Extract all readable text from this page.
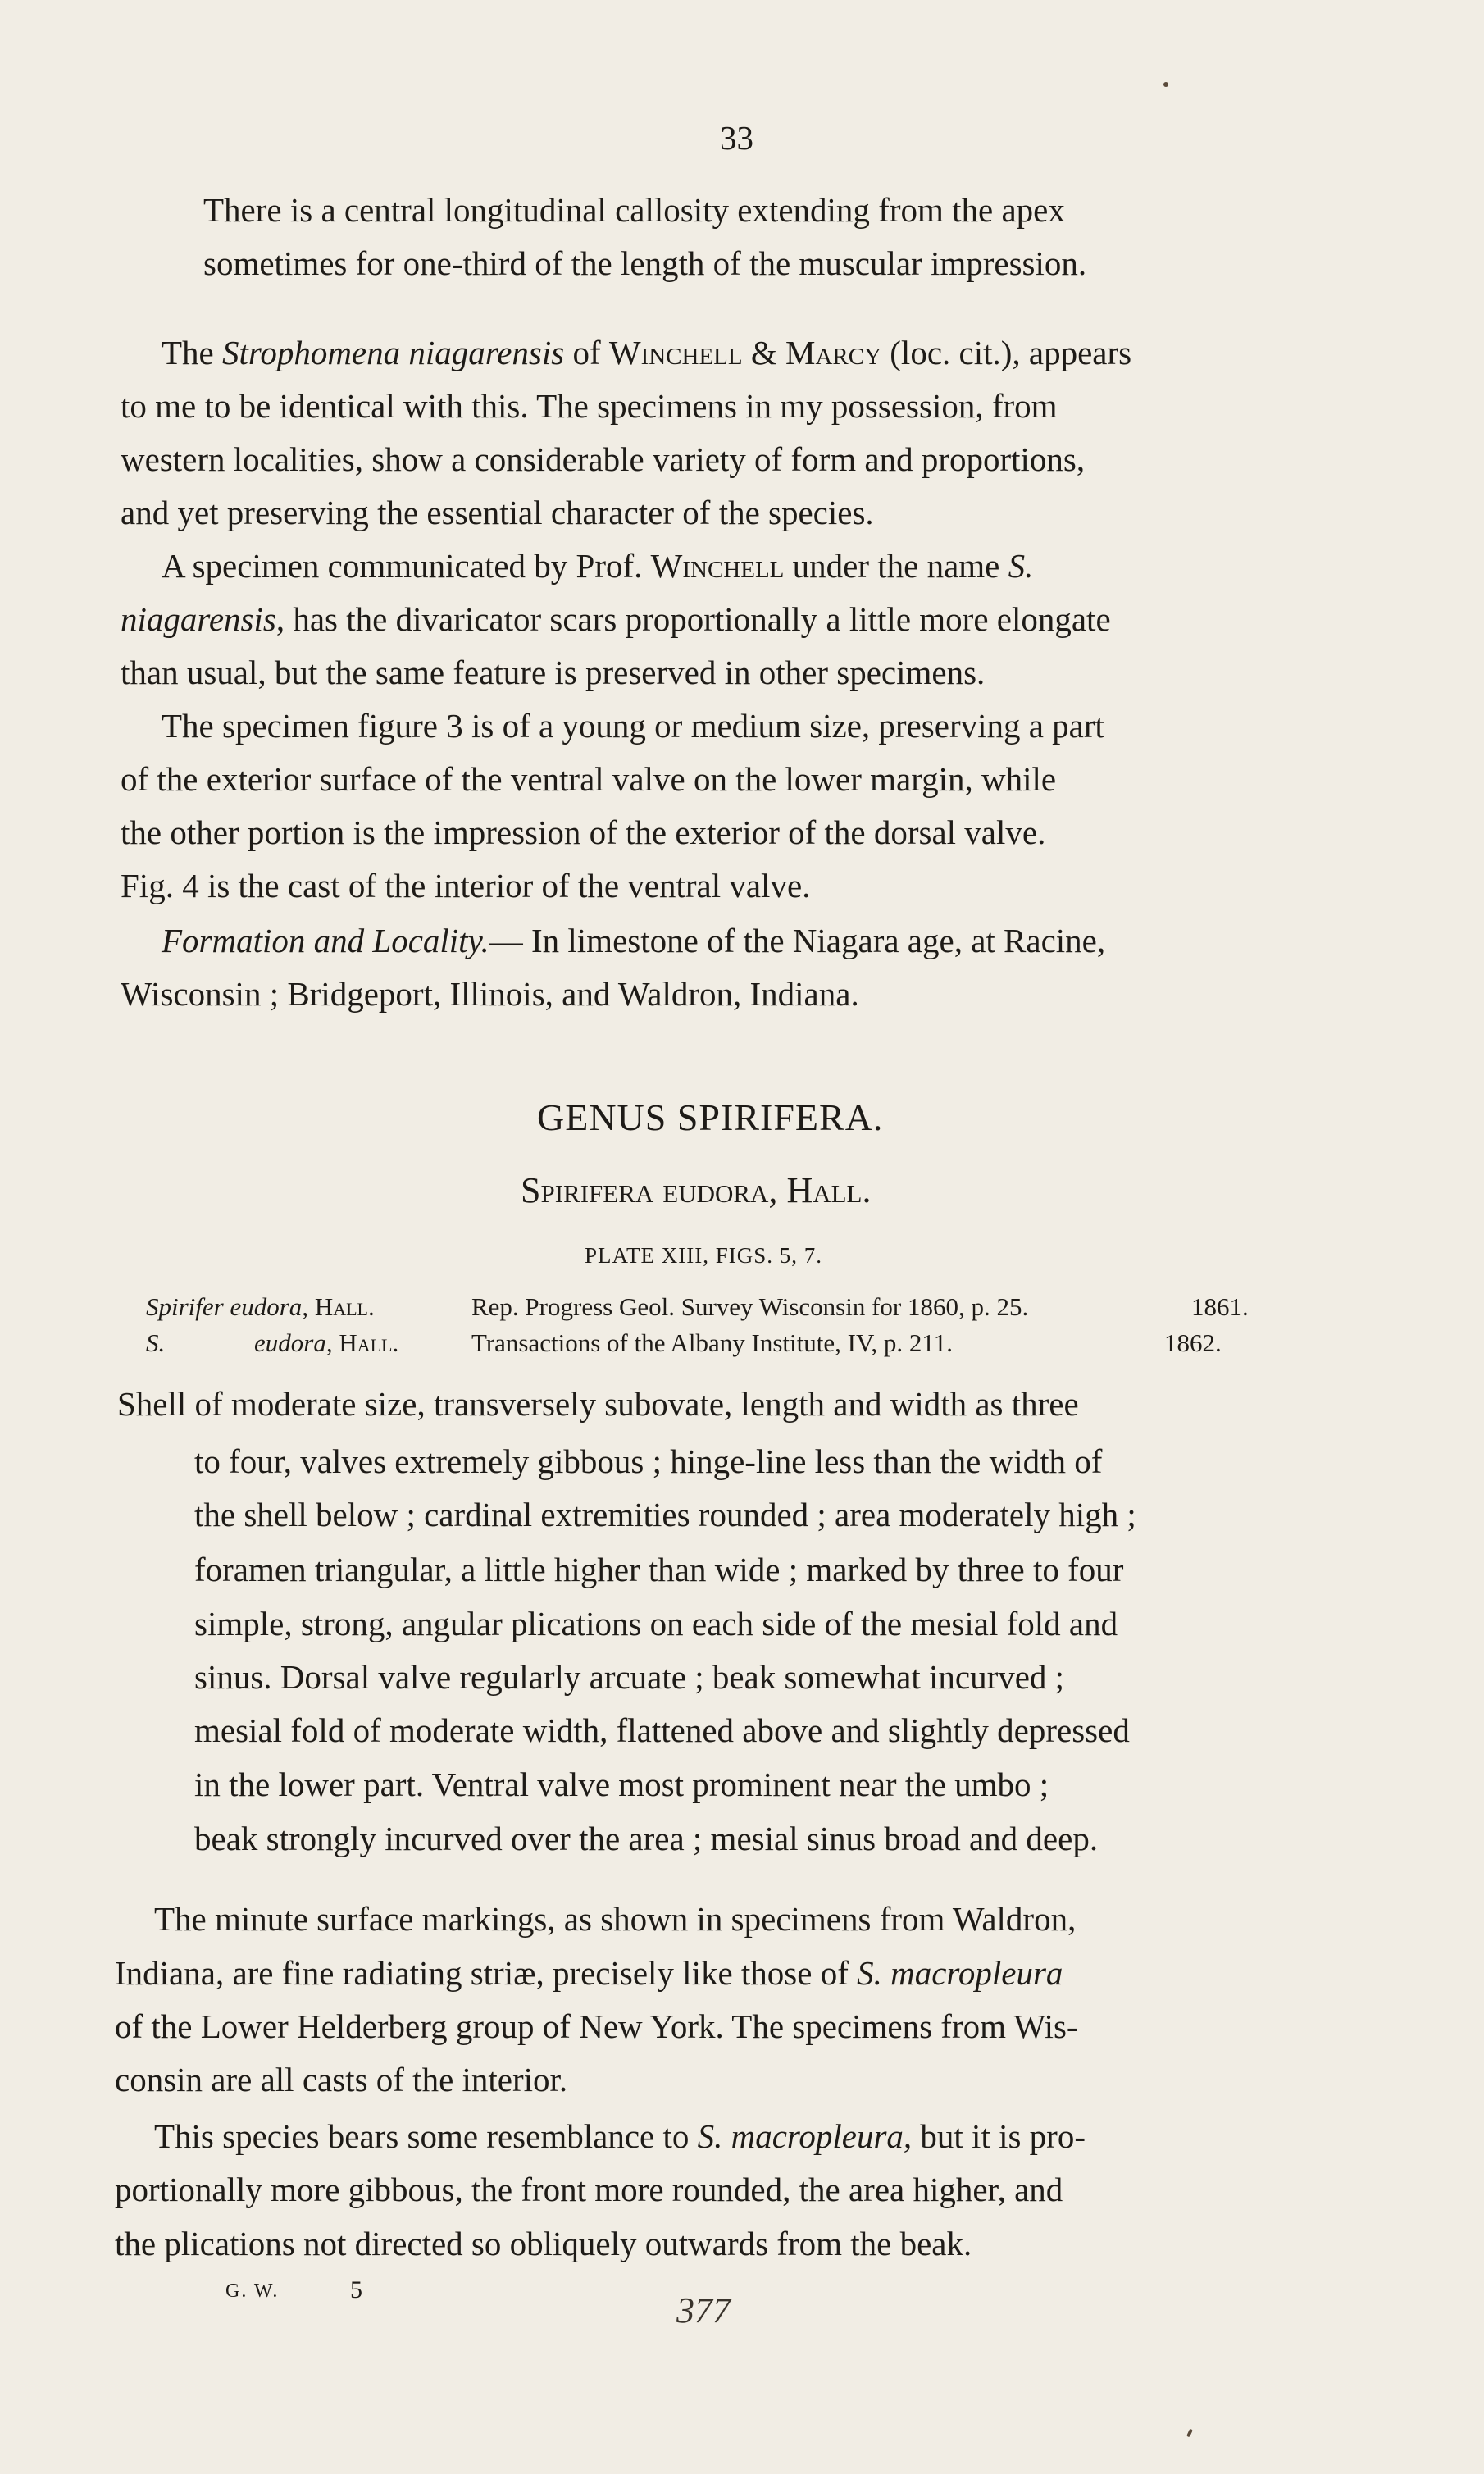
33
There is a central longitudinal callosity extending from the apex
sometimes for one-third of the length of the muscular impression.
The Strophomena niagarensis of Winchell & Marcy (loc. cit.), appears
to me to be identical with this. The specimens in my possession, from
western localities, show a considerable variety of form and proportions,
and yet preserving the essential character of the species.
A specimen communicated by Prof. Winchell under the name S.
niagarensis, has the divaricator scars proportionally a little more elongate
than usual, but the same feature is preserved in other specimens.
The specimen figure 3 is of a young or medium size, preserving a part
of the exterior surface of the ventral valve on the lower margin, while
the other portion is the impression of the exterior of the dorsal valve.
Fig. 4 is the cast of the interior of the ventral valve.
Formation and Locality.— In limestone of the Niagara age, at Racine,
Wisconsin ; Bridgeport, Illinois, and Waldron, Indiana.
GENUS SPIRIFERA.
Spirifera eudora, Hall.
PLATE XIII, FIGS. 5, 7.
Spirifer eudora, Hall.	Rep. Progress Geol. Survey Wisconsin for 1860, p. 25.	1861.
S.	eudora, Hall.	Transactions of the Albany Institute, IV, p. 211.	1862.
Shell of moderate size, transversely subovate, length and width as three
to four, valves extremely gibbous ; hinge-line less than the width of
the shell below ; cardinal extremities rounded ; area moderately high ;
foramen triangular, a little higher than wide ; marked by three to four
simple, strong, angular plications on each side of the mesial fold and
sinus. Dorsal valve regularly arcuate ; beak somewhat incurved ;
mesial fold of moderate width, flattened above and slightly depressed
in the lower part. Ventral valve most prominent near the umbo ;
beak strongly incurved over the area ; mesial sinus broad and deep.
The minute surface markings, as shown in specimens from Waldron,
Indiana, are fine radiating striæ, precisely like those of S. macropleura
of the Lower Helderberg group of New York. The specimens from Wis-
consin are all casts of the interior.
This species bears some resemblance to S. macropleura, but it is pro-
portionally more gibbous, the front more rounded, the area higher, and
the plications not directed so obliquely outwards from the beak.
G. W.	5
377
